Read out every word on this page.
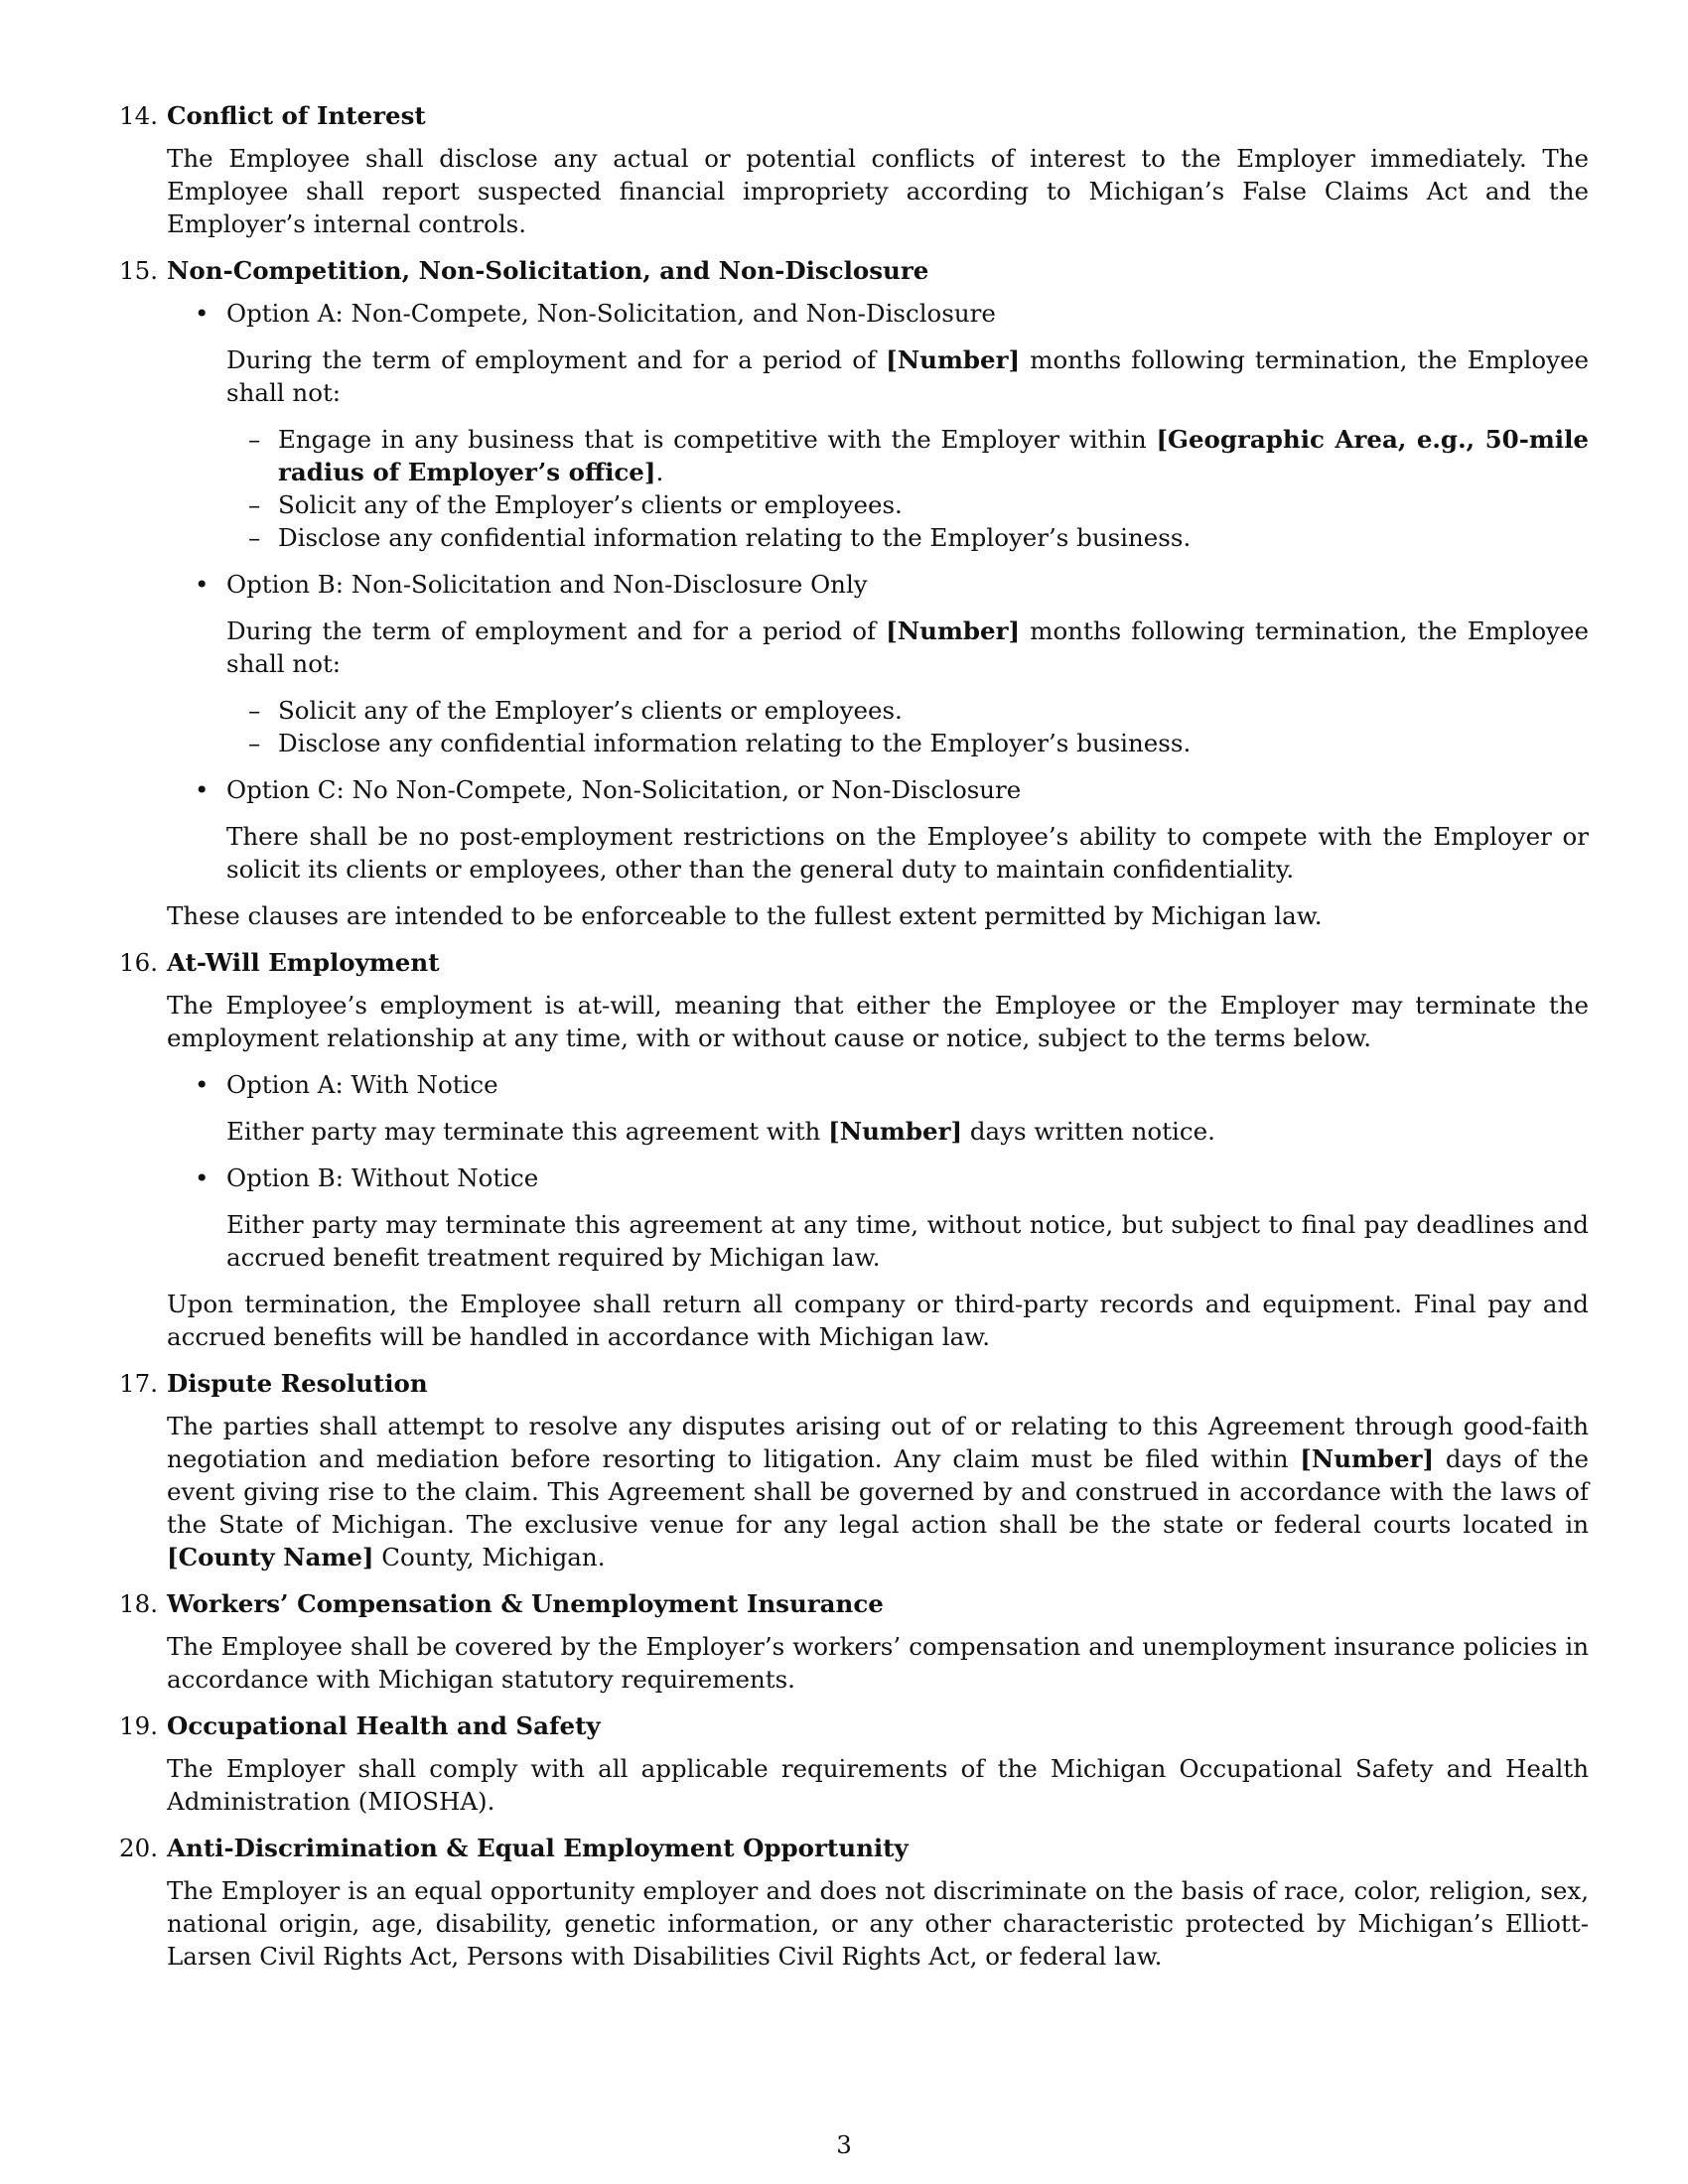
14. Conflict of Interest

The Employee shall disclose any actual or potential conflicts of interest to the Employer immediately. The Employee shall report suspected financial impropriety according to Michigan’s False Claims Act and the Employer’s internal controls.

15. Non-Competition, Non-Solicitation, and Non-Disclosure
• Option A: Non-Compete, Non-Solicitation, and Non-Disclosure

During the term of employment and for a period of [Number] months following termination, the Employee shall not:

– Engage in any business that is competitive with the Employer within [Geographic Area, e.g., 50-mile radius of Employer’s office].
– Solicit any of the Employer’s clients or employees.
– Disclose any confidential information relating to the Employer’s business.
• Option B: Non-Solicitation and Non-Disclosure Only

During the term of employment and for a period of [Number] months following termination, the Employee shall not:

– Solicit any of the Employer’s clients or employees.
– Disclose any confidential information relating to the Employer’s business.
• Option C: No Non-Compete, Non-Solicitation, or Non-Disclosure

There shall be no post-employment restrictions on the Employee’s ability to compete with the Employer or solicit its clients or employees, other than the general duty to maintain confidentiality.

These clauses are intended to be enforceable to the fullest extent permitted by Michigan law.

16. At-Will Employment

The Employee’s employment is at-will, meaning that either the Employee or the Employer may terminate the employment relationship at any time, with or without cause or notice, subject to the terms below.

• Option A: With Notice

Either party may terminate this agreement with [Number] days written notice.

• Option B: Without Notice

Either party may terminate this agreement at any time, without notice, but subject to final pay deadlines and accrued benefit treatment required by Michigan law.

Upon termination, the Employee shall return all company or third-party records and equipment. Final pay and accrued benefits will be handled in accordance with Michigan law.

17. Dispute Resolution

The parties shall attempt to resolve any disputes arising out of or relating to this Agreement through good-faith negotiation and mediation before resorting to litigation. Any claim must be filed within [Number] days of the event giving rise to the claim. This Agreement shall be governed by and construed in accordance with the laws of the State of Michigan. The exclusive venue for any legal action shall be the state or federal courts located in [County Name] County, Michigan.

18. Workers’ Compensation & Unemployment Insurance

The Employee shall be covered by the Employer’s workers’ compensation and unemployment insurance policies in accordance with Michigan statutory requirements.

19. Occupational Health and Safety

The Employer shall comply with all applicable requirements of the Michigan Occupational Safety and Health Administration (MIOSHA).

20. Anti-Discrimination & Equal Employment Opportunity

The Employer is an equal opportunity employer and does not discriminate on the basis of race, color, religion, sex, national origin, age, disability, genetic information, or any other characteristic protected by Michigan’s Elliott-Larsen Civil Rights Act, Persons with Disabilities Civil Rights Act, or federal law.

3
